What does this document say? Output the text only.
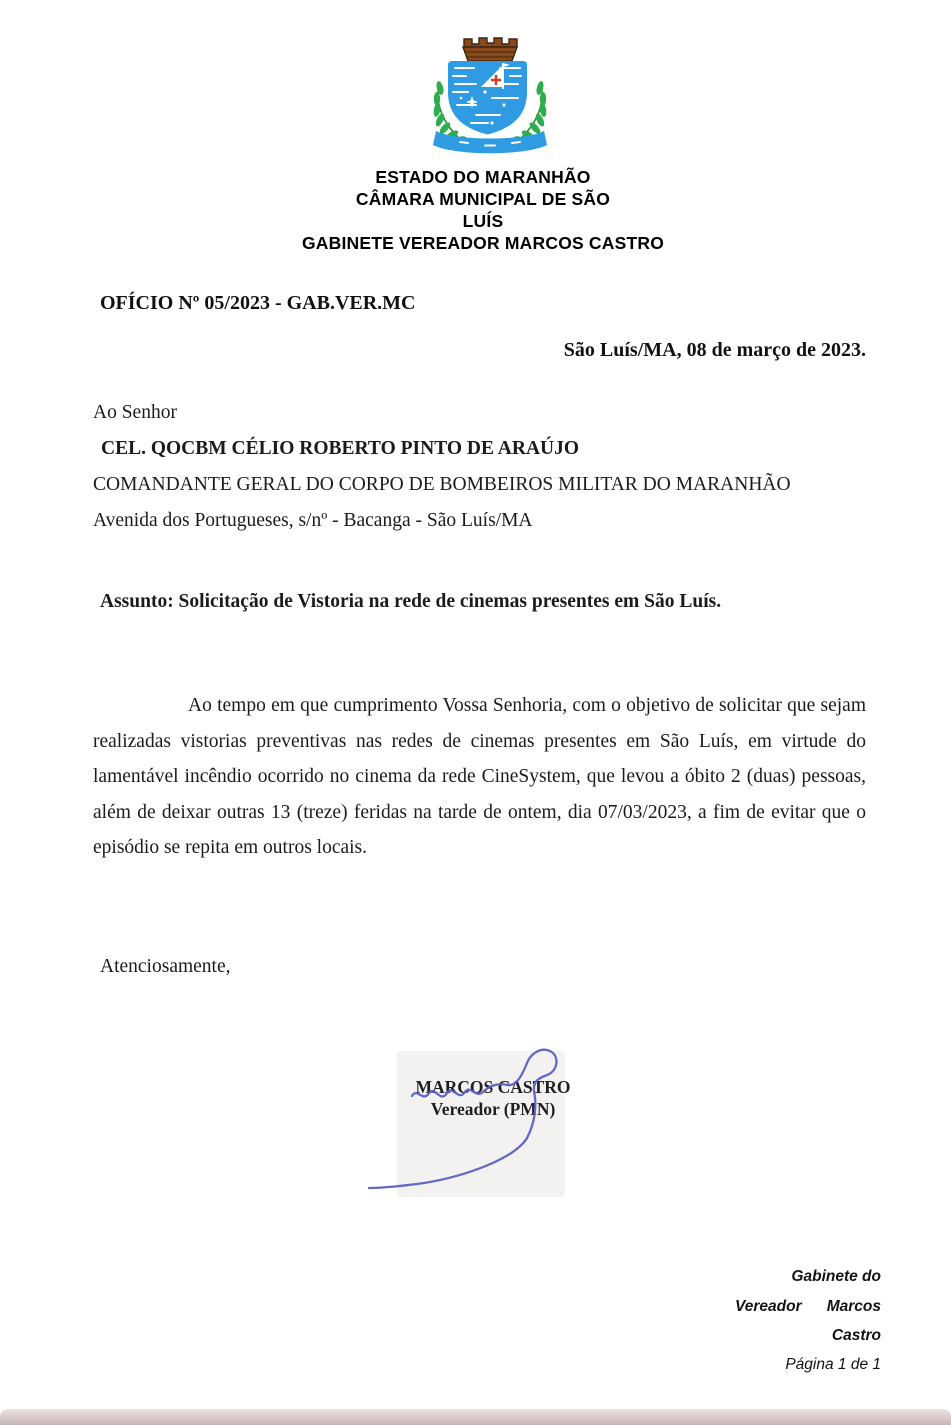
ESTADO DO MARANHÃO
CÂMARA MUNICIPAL DE SÃO
LUÍS
GABINETE VEREADOR MARCOS CASTRO
OFÍCIO Nº 05/2023 - GAB.VER.MC
São Luís/MA, 08 de março de 2023.
Ao Senhor
CEL. QOCBM CÉLIO ROBERTO PINTO DE ARAÚJO
COMANDANTE GERAL DO CORPO DE BOMBEIROS MILITAR DO MARANHÃO
Avenida dos Portugueses, s/nº - Bacanga - São Luís/MA
Assunto: Solicitação de Vistoria na rede de cinemas presentes em São Luís.

Ao tempo em que cumprimento Vossa Senhoria, com o objetivo de solicitar que sejam realizadas vistorias preventivas nas redes de cinemas presentes em São Luís, em virtude do lamentável incêndio ocorrido no cinema da rede CineSystem, que levou a óbito 2 (duas) pessoas, além de deixar outras 13 (treze) feridas na tarde de ontem, dia 07/03/2023, a fim de evitar que o episódio se repita em outros locais.

Atenciosamente,
MARCOS CASTRO
Vereador (PMN)
Gabinete do
Vereador Marcos
Castro
Página 1 de 1
